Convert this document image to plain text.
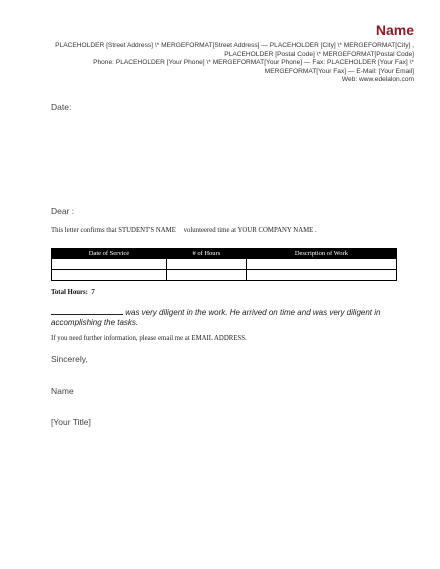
Name
PLACEHOLDER [Street Address] \* MERGEFORMAT[Street Address] — PLACEHOLDER [City] \* MERGEFORMAT[City] ,
PLACEHOLDER [Postal Code] \* MERGEFORMAT[Postal Code]
Phone: PLACEHOLDER [Your Phone] \* MERGEFORMAT[Your Phone] — Fax: PLACEHOLDER [Your Fax] \*
MERGEFORMAT[Your Fax] — E-Mail: [Your Email]
Web: www.edelalon.com
Date:
Dear :
This letter confirms that STUDENT'S NAME volunteered time at YOUR COMPANY NAME .
Date of Service	# of Hours	Description of Work

Total Hours: 7
was very diligent in the work. He arrived on time and was very diligent in accomplishing the tasks.
If you need further information, please email me at EMAIL ADDRESS.
Sincerely,
Name
[Your Title]
